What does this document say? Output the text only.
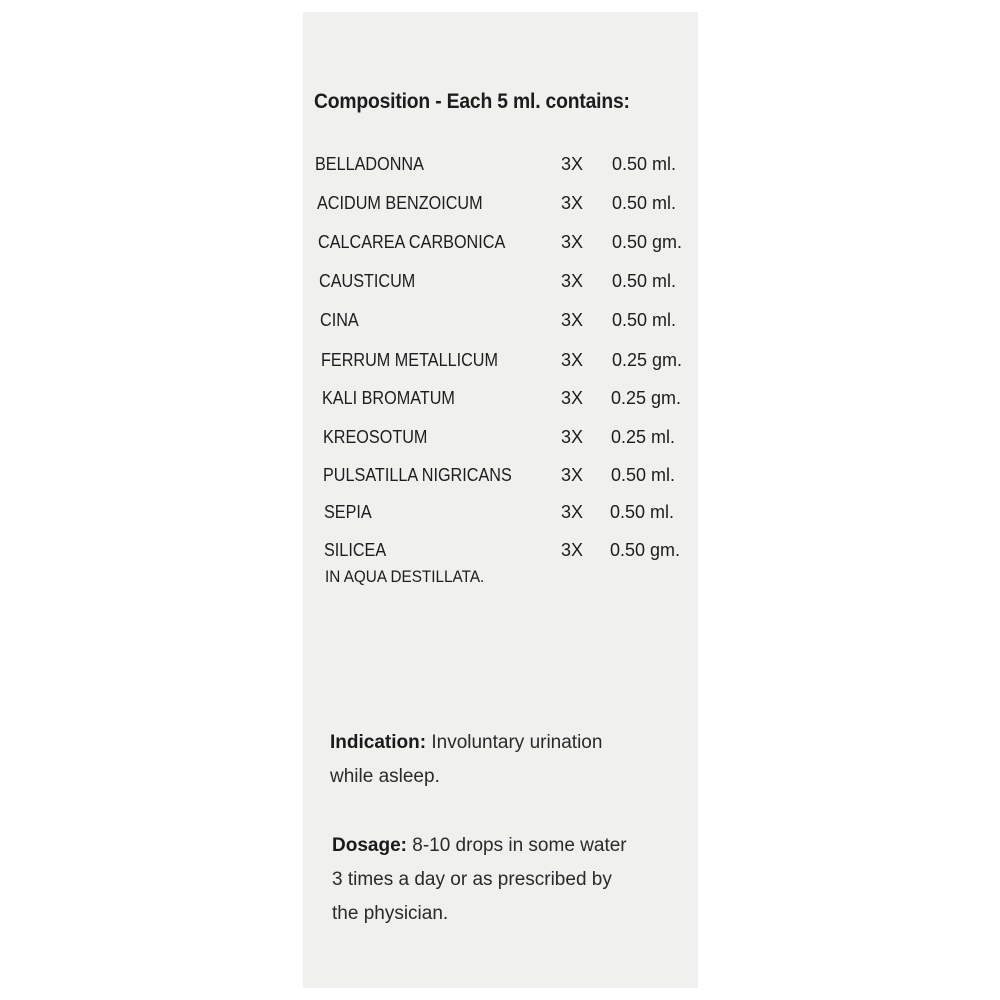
Composition - Each 5 ml. contains:
BELLADONNA	3X 0.50 ml.
ACIDUM BENZOICUM	3X 0.50 ml.
CALCAREA CARBONICA	3X 0.50 gm.
CAUSTICUM	3X 0.50 ml.
CINA	3X 0.50 ml.
FERRUM METALLICUM	3X 0.25 gm.
KALI BROMATUM	3X 0.25 gm.
KREOSOTUM	3X 0.25 ml.
PULSATILLA NIGRICANS	3X 0.50 ml.
SEPIA	3X 0.50 ml.
SILICEA	3X 0.50 gm.
IN AQUA DESTILLATA.
Indication: Involuntary urination
while asleep.
Dosage: 8-10 drops in some water
3 times a day or as prescribed by
the physician.
